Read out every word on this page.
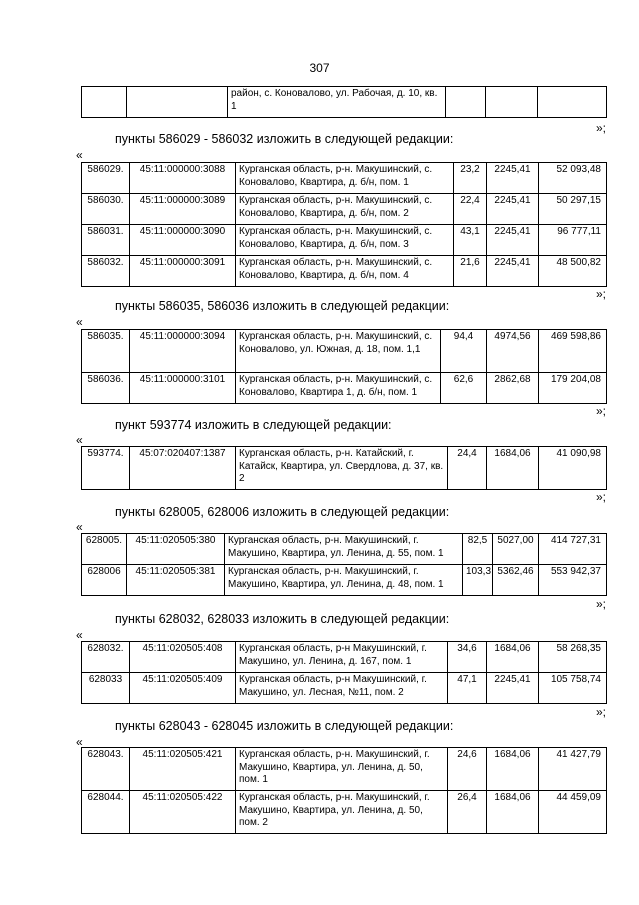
307
		район, с. Коновалово, ул. Рабочая, д. 10, кв. 1			
»;
пункты 586029 - 586032 изложить в следующей редакции:
«
586029.	45:11:000000:3088	Курганская область, р-н. Макушинский, с. Коновалово, Квартира, д. б/н, пом. 1	23,2	2245,41	52 093,48
586030.	45:11:000000:3089	Курганская область, р-н. Макушинский, с. Коновалово, Квартира, д. б/н, пом. 2	22,4	2245,41	50 297,15
586031.	45:11:000000:3090	Курганская область, р-н. Макушинский, с. Коновалово, Квартира, д. б/н, пом. 3	43,1	2245,41	96 777,11
586032.	45:11:000000:3091	Курганская область, р-н. Макушинский, с. Коновалово, Квартира, д. б/н, пом. 4	21,6	2245,41	48 500,82
»;
пункты 586035, 586036 изложить в следующей редакции:
«
586035.	45:11:000000:3094	Курганская область, р-н. Макушинский, с. Коновалово, ул. Южная, д. 18, пом. 1,1	94,4	4974,56	469 598,86
586036.	45:11:000000:3101	Курганская область, р-н. Макушинский, с. Коновалово, Квартира 1, д. б/н, пом. 1	62,6	2862,68	179 204,08
»;
пункт 593774 изложить в следующей редакции:
«
593774.	45:07:020407:1387	Курганская область, р-н. Катайский, г. Катайск, Квартира, ул. Свердлова, д. 37, кв. 2	24,4	1684,06	41 090,98
»;
пункты 628005, 628006 изложить в следующей редакции:
«
628005.	45:11:020505:380	Курганская область, р-н. Макушинский, г. Макушино, Квартира, ул. Ленина, д. 55, пом. 1	82,5	5027,00	414 727,31
628006	45:11:020505:381	Курганская область, р-н. Макушинский, г. Макушино, Квартира, ул. Ленина, д. 48, пом. 1	103,3	5362,46	553 942,37
»;
пункты 628032, 628033 изложить в следующей редакции:
«
628032.	45:11:020505:408	Курганская область, р-н Макушинский, г. Макушино, ул. Ленина, д. 167, пом. 1	34,6	1684,06	58 268,35
628033	45:11:020505:409	Курганская область, р-н Макушинский, г. Макушино, ул. Лесная, №11, пом. 2	47,1	2245,41	105 758,74
»;
пункты 628043 - 628045 изложить в следующей редакции:
«
628043.	45:11:020505:421	Курганская область, р-н. Макушинский, г. Макушино, Квартира, ул. Ленина, д. 50, пом. 1	24,6	1684,06	41 427,79
628044.	45:11:020505:422	Курганская область, р-н. Макушинский, г. Макушино, Квартира, ул. Ленина, д. 50, пом. 2	26,4	1684,06	44 459,09
